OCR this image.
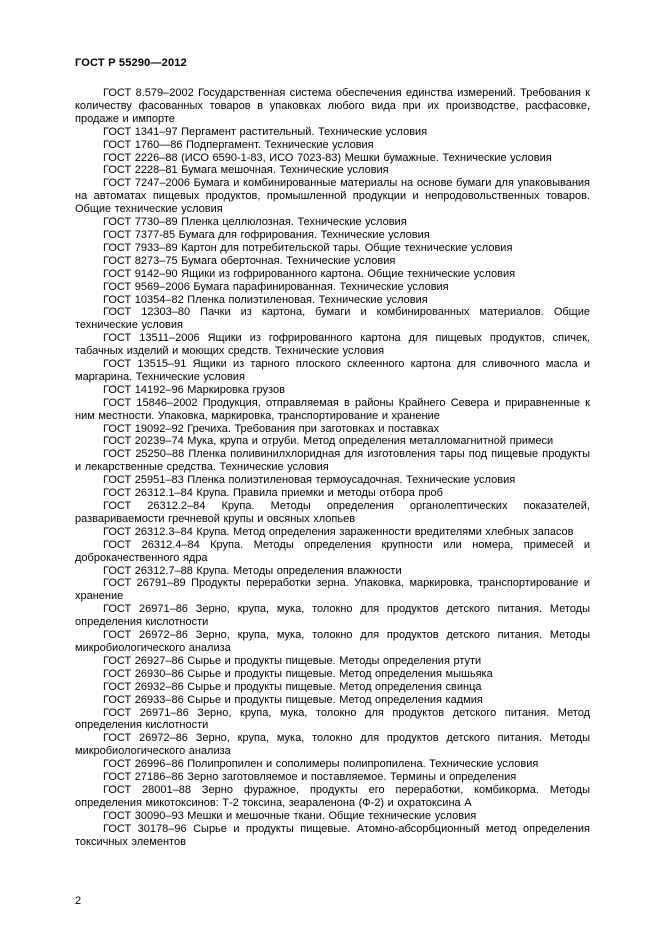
ГОСТ Р 55290—2012

ГОСТ 8.579–2002 Государственная система обеспечения единства измерений. Требования к количеству фасованных товаров в упаковках любого вида при их производстве, расфасовке, продаже и импорте

ГОСТ 1341–97 Пергамент растительный. Технические условия

ГОСТ 1760—86 Подпергамент. Технические условия

ГОСТ 2226–88 (ИСО 6590-1-83, ИСО 7023-83) Мешки бумажные. Технические условия

ГОСТ 2228–81 Бумага мешочная. Технические условия

ГОСТ 7247–2006 Бумага и комбинированные материалы на основе бумаги для упаковывания на автоматах пищевых продуктов, промышленной продукции и непродовольственных товаров. Общие технические условия

ГОСТ 7730–89 Пленка целлюлозная. Технические условия

ГОСТ 7377-85 Бумага для гофрирования. Технические условия

ГОСТ 7933–89 Картон для потребительской тары. Общие технические условия

ГОСТ 8273–75 Бумага оберточная. Технические условия

ГОСТ 9142–90 Ящики из гофрированного картона. Общие технические условия

ГОСТ 9569–2006 Бумага парафинированная. Технические условия

ГОСТ 10354–82 Пленка полиэтиленовая. Технические условия

ГОСТ 12303–80 Пачки из картона, бумаги и комбинированных материалов. Общие технические условия

ГОСТ 13511–2006 Ящики из гофрированного картона для пищевых продуктов, спичек, табачных изделий и моющих средств. Технические условия

ГОСТ 13515–91 Ящики из тарного плоского склеенного картона для сливочного масла и маргарина. Технические условия

ГОСТ 14192–96 Маркировка грузов

ГОСТ 15846–2002 Продукция, отправляемая в районы Крайнего Севера и приравненные к ним местности. Упаковка, маркировка, транспортирование и хранение

ГОСТ 19092–92 Гречиха. Требования при заготовках и поставках

ГОСТ 20239–74 Мука, крупа и отруби. Метод определения металломагнитной примеси

ГОСТ 25250–88 Пленка поливинилхлоридная для изготовления тары под пищевые продукты и лекарственные средства. Технические условия

ГОСТ 25951–83 Пленка полиэтиленовая термоусадочная. Технические условия

ГОСТ 26312.1–84 Крупа. Правила приемки и методы отбора проб

ГОСТ 26312.2–84 Крупа. Методы определения органолептических показателей, развариваемости гречневой крупы и овсяных хлопьев

ГОСТ 26312.3–84 Крупа. Метод определения зараженности вредителями хлебных запасов

ГОСТ 26312.4–84 Крупа. Методы определения крупности или номера, примесей и доброкачественного ядра

ГОСТ 26312.7–88 Крупа. Методы определения влажности

ГОСТ 26791–89 Продукты переработки зерна. Упаковка, маркировка, транспортирование и хранение

ГОСТ 26971–86 Зерно, крупа, мука, толокно для продуктов детского питания. Методы определения кислотности

ГОСТ 26972–86 Зерно, крупа, мука, толокно для продуктов детского питания. Методы микробиологического анализа

ГОСТ 26927–86 Сырье и продукты пищевые. Методы определения ртути

ГОСТ 26930–86 Сырье и продукты пищевые. Метод определения мышьяка

ГОСТ 26932–86 Сырье и продукты пищевые. Метод определения свинца

ГОСТ 26933–86 Сырье и продукты пищевые. Метод определения кадмия

ГОСТ 26971–86 Зерно, крупа, мука, толокно для продуктов детского питания. Метод определения кислотности

ГОСТ 26972–86 Зерно, крупа, мука, толокно для продуктов детского питания. Методы микробиологического анализа

ГОСТ 26996–86 Полипропилен и сополимеры полипропилена. Технические условия

ГОСТ 27186–86 Зерно заготовляемое и поставляемое. Термины и определения

ГОСТ 28001–88 Зерно фуражное, продукты его переработки, комбикорма. Методы определения микотоксинов: Т-2 токсина, зеараленона (Ф-2) и охратоксина А

ГОСТ 30090–93 Мешки и мешочные ткани. Общие технические условия

ГОСТ 30178–96 Сырье и продукты пищевые. Атомно-абсорбционный метод определения токсичных элементов

2
